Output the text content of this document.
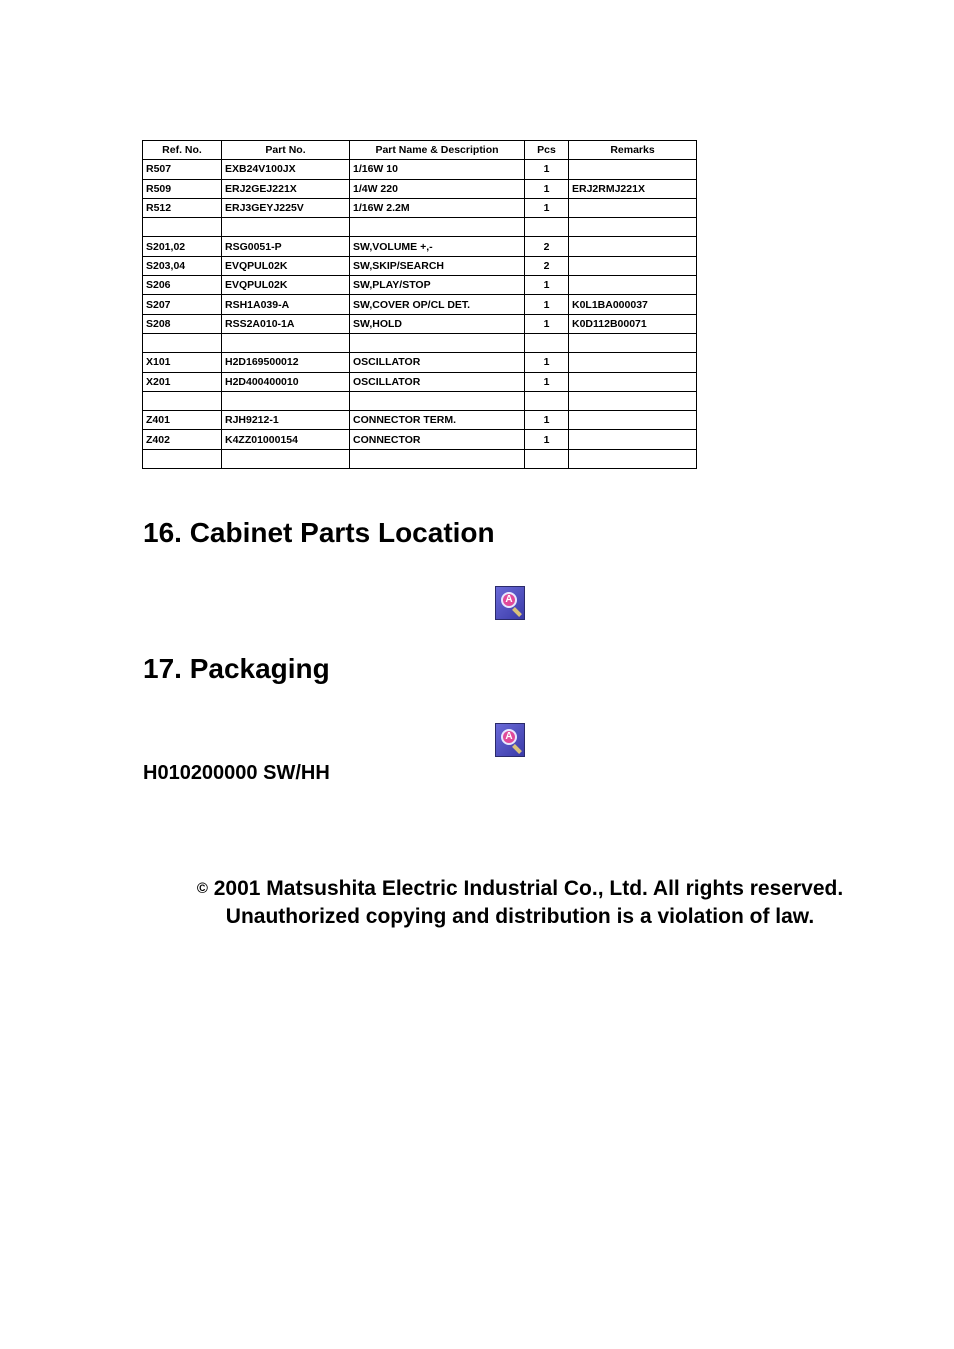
Ref. No.	Part No.	Part Name & Description	Pcs	Remarks
R507	EXB24V100JX	1/16W 10	1	
R509	ERJ2GEJ221X	1/4W 220	1	ERJ2RMJ221X
R512	ERJ3GEYJ225V	1/16W 2.2M	1	

S201,02	RSG0051-P	SW,VOLUME +,-	2	
S203,04	EVQPUL02K	SW,SKIP/SEARCH	2	
S206	EVQPUL02K	SW,PLAY/STOP	1	
S207	RSH1A039-A	SW,COVER OP/CL DET.	1	K0L1BA000037
S208	RSS2A010-1A	SW,HOLD	1	K0D112B00071

X101	H2D169500012	OSCILLATOR	1	
X201	H2D400400010	OSCILLATOR	1	

Z401	RJH9212-1	CONNECTOR TERM.	1	
Z402	K4ZZ01000154	CONNECTOR	1	

16. Cabinet Parts Location
A
17. Packaging
A
H010200000 SW/HH
© 2001 Matsushita Electric Industrial Co., Ltd. All rights reserved.
Unauthorized copying and distribution is a violation of law.
